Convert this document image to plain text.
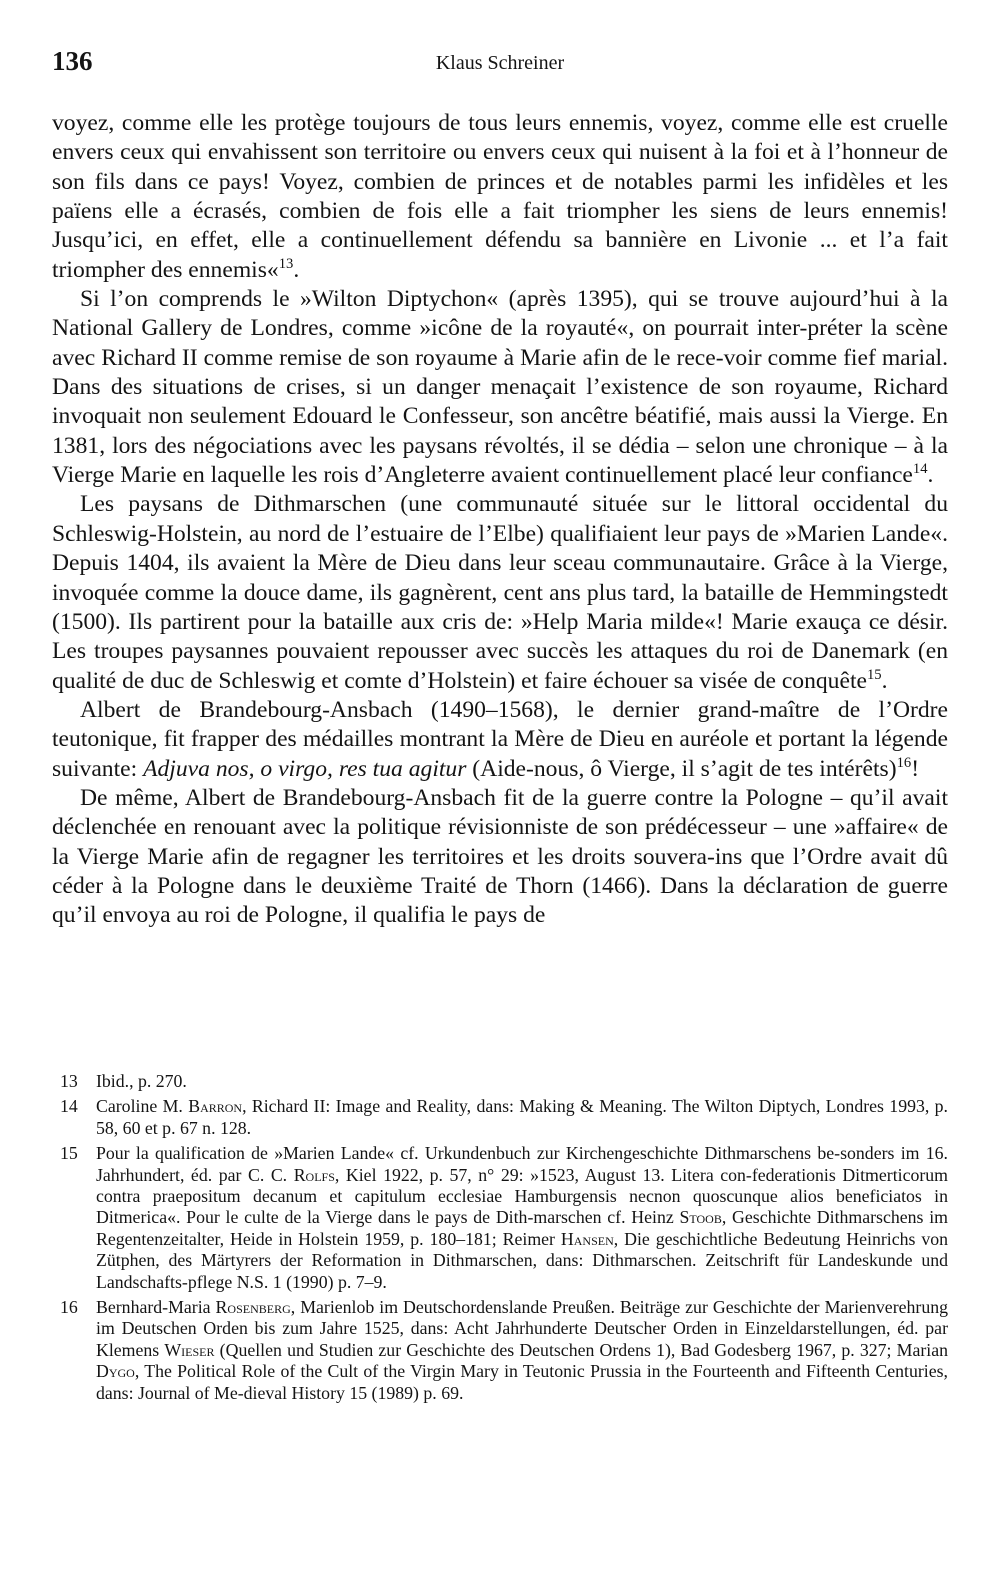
136	Klaus Schreiner

voyez, comme elle les protège toujours de tous leurs ennemis, voyez, comme elle est cruelle envers ceux qui envahissent son territoire ou envers ceux qui nuisent à la foi et à l’honneur de son fils dans ce pays! Voyez, combien de princes et de notables parmi les infidèles et les païens elle a écrasés, combien de fois elle a fait triompher les siens de leurs ennemis! Jusqu’ici, en effet, elle a continuellement défendu sa bannière en Livonie ... et l’a fait triompher des ennemis«$^{13}$.

Si l’on comprends le »Wilton Diptychon« (après 1395), qui se trouve aujourd’hui à la National Gallery de Londres, comme »icône de la royauté«, on pourrait inter-préter la scène avec Richard II comme remise de son royaume à Marie afin de le rece-voir comme fief marial. Dans des situations de crises, si un danger menaçait l’existence de son royaume, Richard invoquait non seulement Edouard le Confesseur, son ancêtre béatifié, mais aussi la Vierge. En 1381, lors des négociations avec les paysans révoltés, il se dédia – selon une chronique – à la Vierge Marie en laquelle les rois d’Angleterre avaient continuellement placé leur confiance$^{14}$.

Les paysans de Dithmarschen (une communauté située sur le littoral occidental du Schleswig-Holstein, au nord de l’estuaire de l’Elbe) qualifiaient leur pays de »Marien Lande«. Depuis 1404, ils avaient la Mère de Dieu dans leur sceau communautaire. Grâce à la Vierge, invoquée comme la douce dame, ils gagnèrent, cent ans plus tard, la bataille de Hemmingstedt (1500). Ils partirent pour la bataille aux cris de: »Help Maria milde«! Marie exauça ce désir. Les troupes paysannes pouvaient repousser avec succès les attaques du roi de Danemark (en qualité de duc de Schleswig et comte d’Holstein) et faire échouer sa visée de conquête$^{15}$.

Albert de Brandebourg-Ansbach (1490–1568), le dernier grand-maître de l’Ordre teutonique, fit frapper des médailles montrant la Mère de Dieu en auréole et portant la légende suivante: Adjuva nos, o virgo, res tua agitur (Aide-nous, ô Vierge, il s’agit de tes intérêts)$^{16}$!

De même, Albert de Brandebourg-Ansbach fit de la guerre contre la Pologne – qu’il avait déclenchée en renouant avec la politique révisionniste de son prédécesseur – une »affaire« de la Vierge Marie afin de regagner les territoires et les droits souvera-ins que l’Ordre avait dû céder à la Pologne dans le deuxième Traité de Thorn (1466). Dans la déclaration de guerre qu’il envoya au roi de Pologne, il qualifia le pays de

13 Ibid., p. 270.
14 Caroline M. Barron, Richard II: Image and Reality, dans: Making & Meaning. The Wilton Diptych, Londres 1993, p. 58, 60 et p. 67 n. 128.
15 Pour la qualification de »Marien Lande« cf. Urkundenbuch zur Kirchengeschichte Dithmarschens be-sonders im 16. Jahrhundert, éd. par C. C. Rolfs, Kiel 1922, p. 57, n° 29: »1523, August 13. Litera con-federationis Ditmerticorum contra praepositum decanum et capitulum ecclesiae Hamburgensis necnon quoscunque alios beneficiatos in Ditmerica«. Pour le culte de la Vierge dans le pays de Dith-marschen cf. Heinz Stoob, Geschichte Dithmarschens im Regentenzeitalter, Heide in Holstein 1959, p. 180–181; Reimer Hansen, Die geschichtliche Bedeutung Heinrichs von Zütphen, des Märtyrers der Reformation in Dithmarschen, dans: Dithmarschen. Zeitschrift für Landeskunde und Landschafts-pflege N.S. 1 (1990) p. 7–9.
16 Bernhard-Maria Rosenberg, Marienlob im Deutschordenslande Preußen. Beiträge zur Geschichte der Marienverehrung im Deutschen Orden bis zum Jahre 1525, dans: Acht Jahrhunderte Deutscher Orden in Einzeldarstellungen, éd. par Klemens Wieser (Quellen und Studien zur Geschichte des Deutschen Ordens 1), Bad Godesberg 1967, p. 327; Marian Dygo, The Political Role of the Cult of the Virgin Mary in Teutonic Prussia in the Fourteenth and Fifteenth Centuries, dans: Journal of Me-dieval History 15 (1989) p. 69.
